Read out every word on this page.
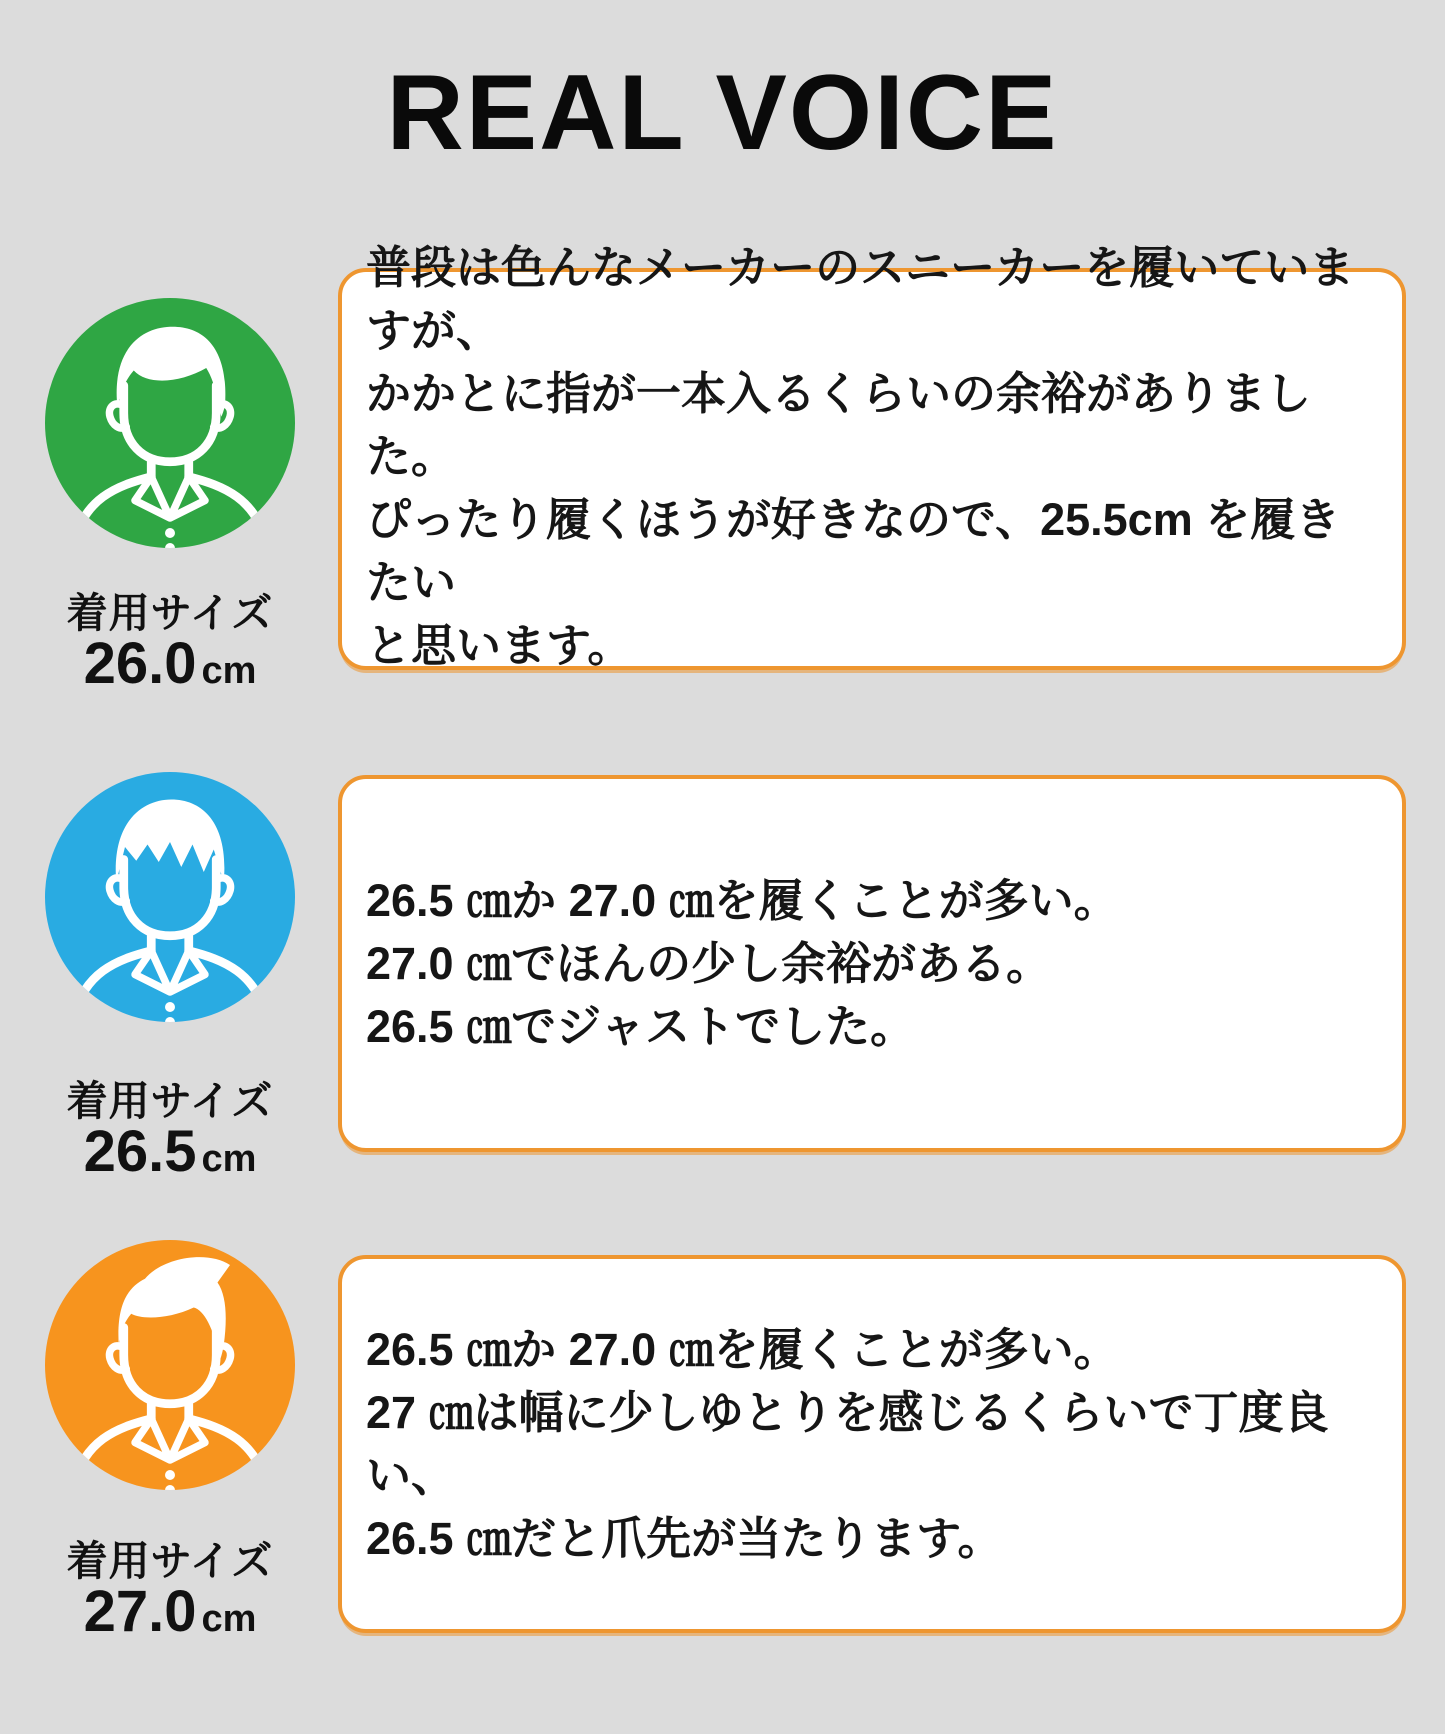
REAL VOICE
着用サイズ
26.0 cm

普段は色んなメーカーのスニーカーを履いていますが、

かかとに指が一本入るくらいの余裕がありました。

ぴったり履くほうが好きなので、25.5cm を履きたい

と思います。

着用サイズ
26.5 cm

26.5 ㎝か 27.0 ㎝を履くことが多い。

27.0 ㎝でほんの少し余裕がある。

26.5 ㎝でジャストでした。

着用サイズ
27.0 cm

26.5 ㎝か 27.0 ㎝を履くことが多い。

27 ㎝は幅に少しゆとりを感じるくらいで丁度良い、

26.5 ㎝だと爪先が当たります。
